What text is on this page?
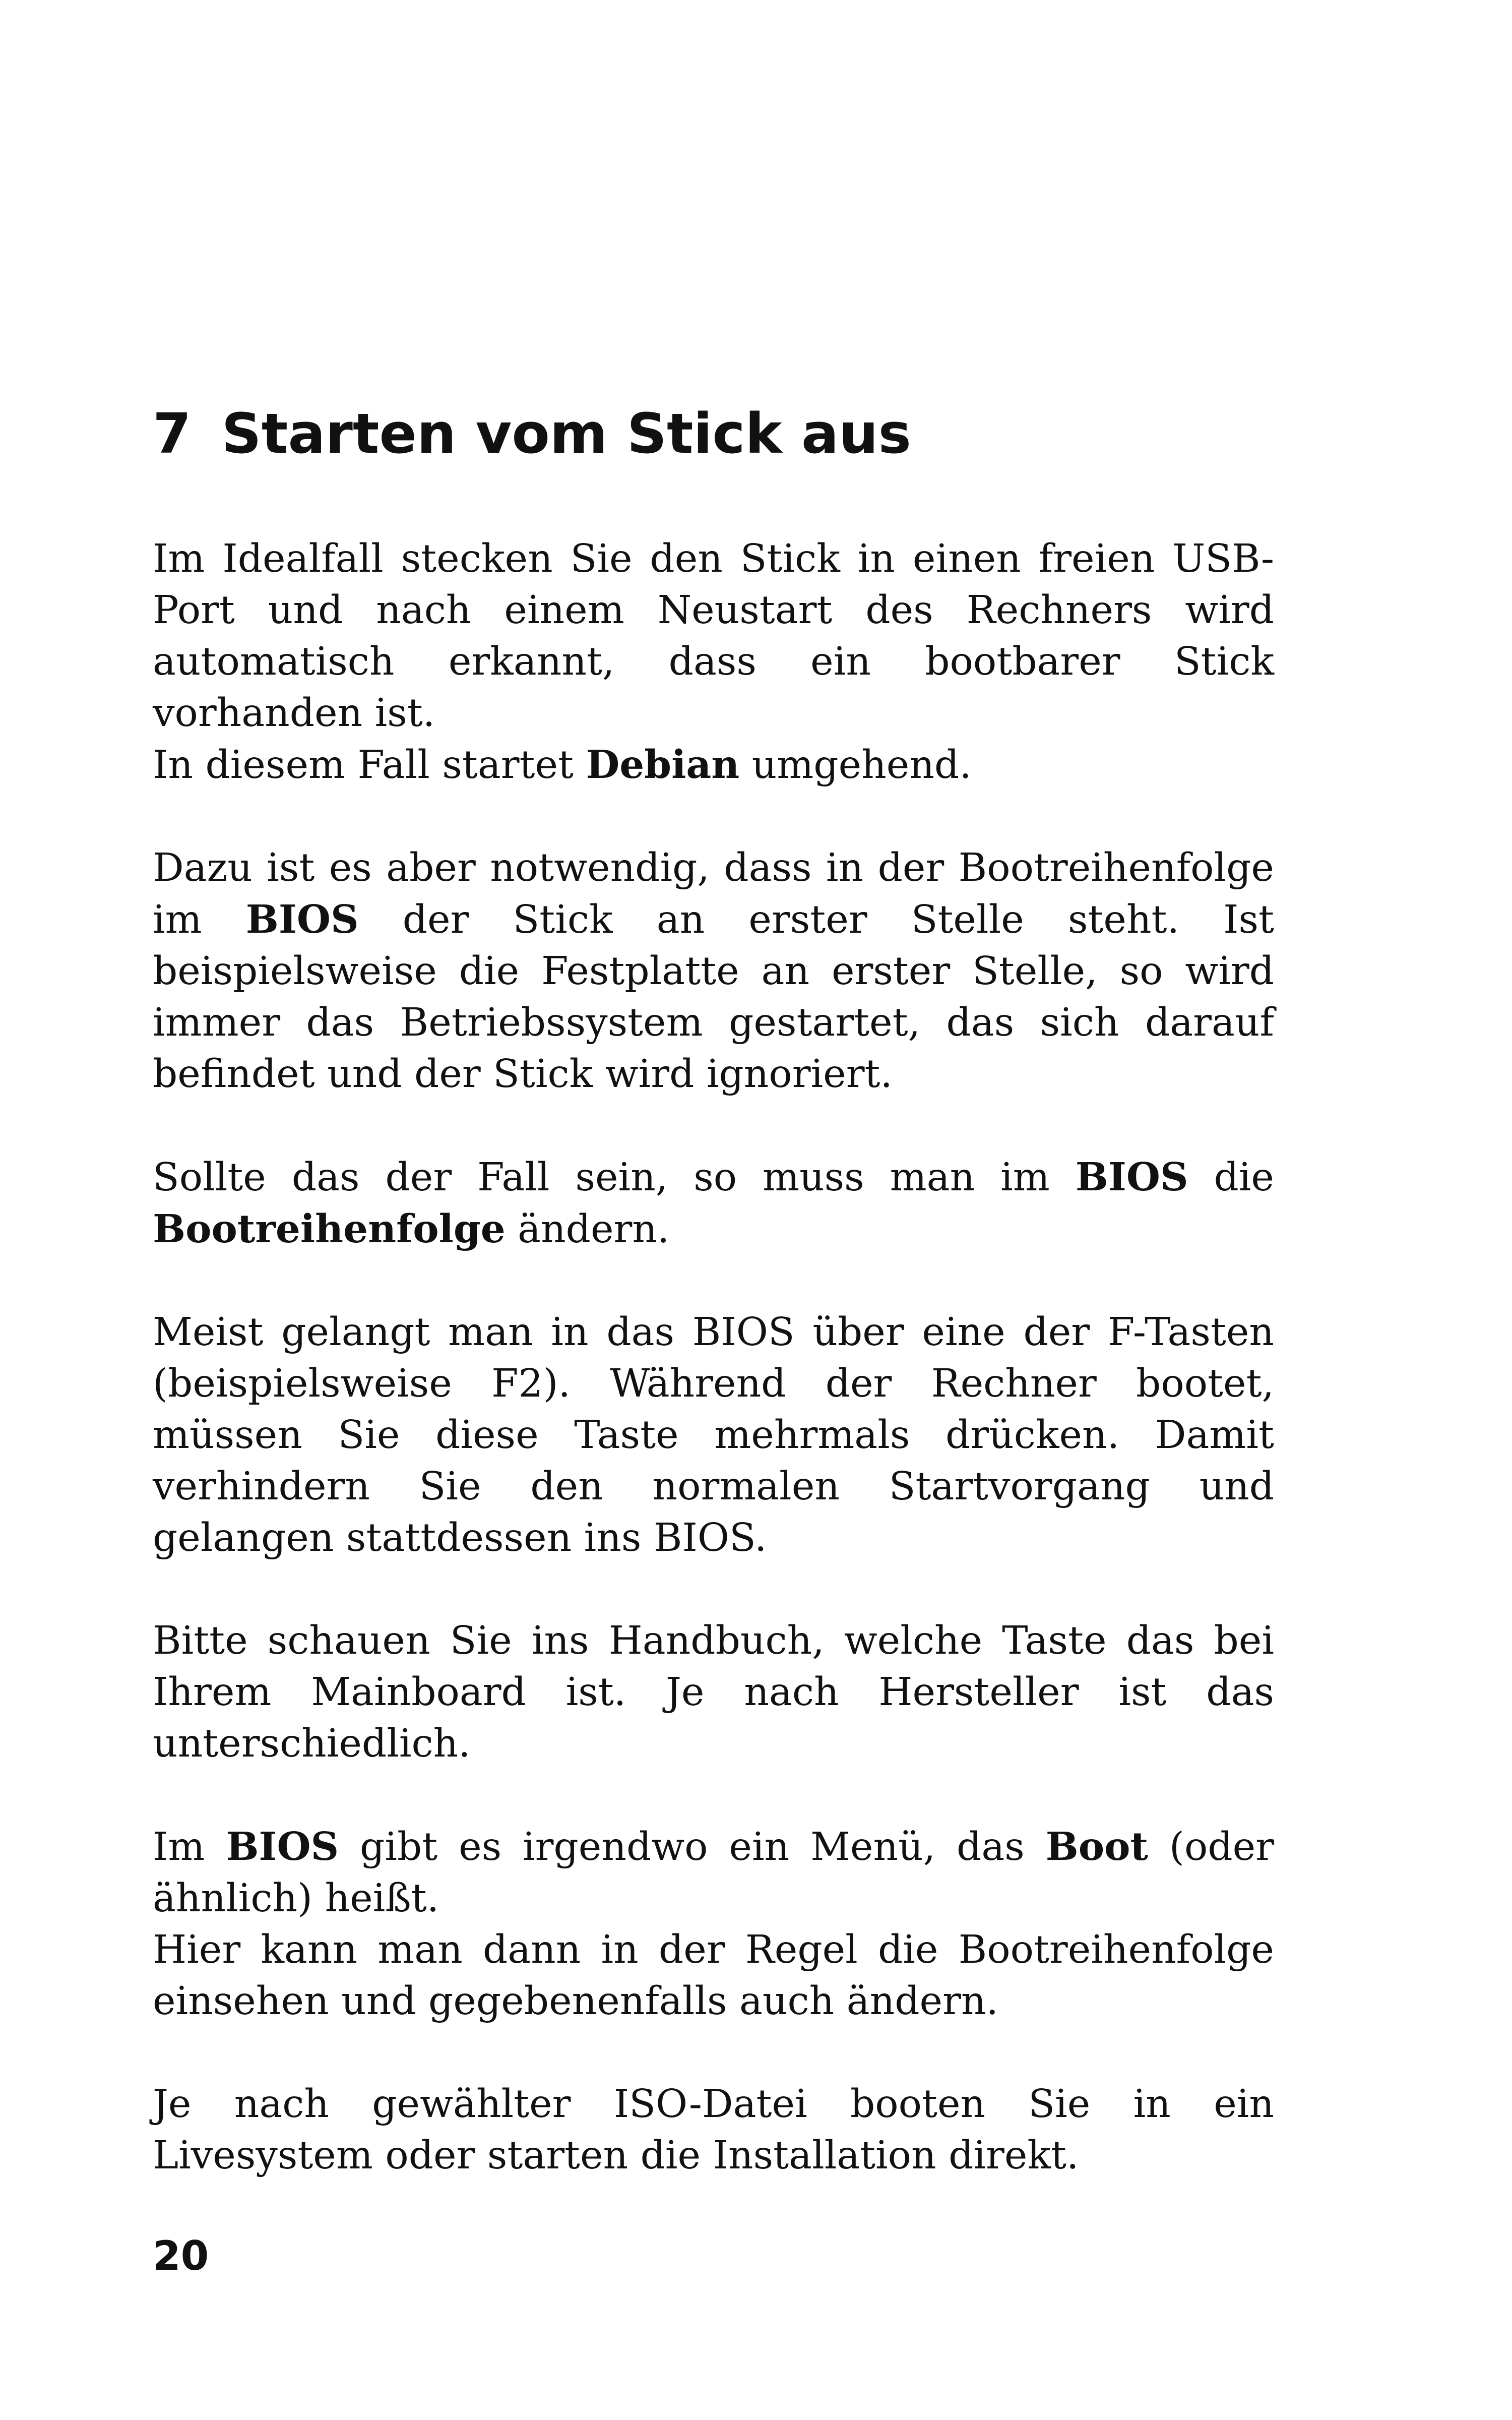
7 Starten vom Stick aus

Im Idealfall stecken Sie den Stick in einen freien USB-Port und nach einem Neustart des Rechners wird automatisch erkannt, dass ein bootbarer Stick vorhanden ist.
In diesem Fall startet Debian umgehend.

Dazu ist es aber notwendig, dass in der Bootreihenfolge im BIOS der Stick an erster Stelle steht. Ist beispielsweise die Festplatte an erster Stelle, so wird immer das Betriebssystem gestartet, das sich darauf befindet und der Stick wird ignoriert.

Sollte das der Fall sein, so muss man im BIOS die Bootreihenfolge ändern.

Meist gelangt man in das BIOS über eine der F-Tasten (beispielsweise F2). Während der Rechner bootet, müssen Sie diese Taste mehrmals drücken. Damit verhindern Sie den normalen Startvorgang und gelangen stattdessen ins BIOS.

Bitte schauen Sie ins Handbuch, welche Taste das bei Ihrem Mainboard ist. Je nach Hersteller ist das unterschiedlich.

Im BIOS gibt es irgendwo ein Menü, das Boot (oder ähnlich) heißt.
Hier kann man dann in der Regel die Bootreihenfolge einsehen und gegebenenfalls auch ändern.

Je nach gewählter ISO-Datei booten Sie in ein Livesystem oder starten die Installation direkt.

20
